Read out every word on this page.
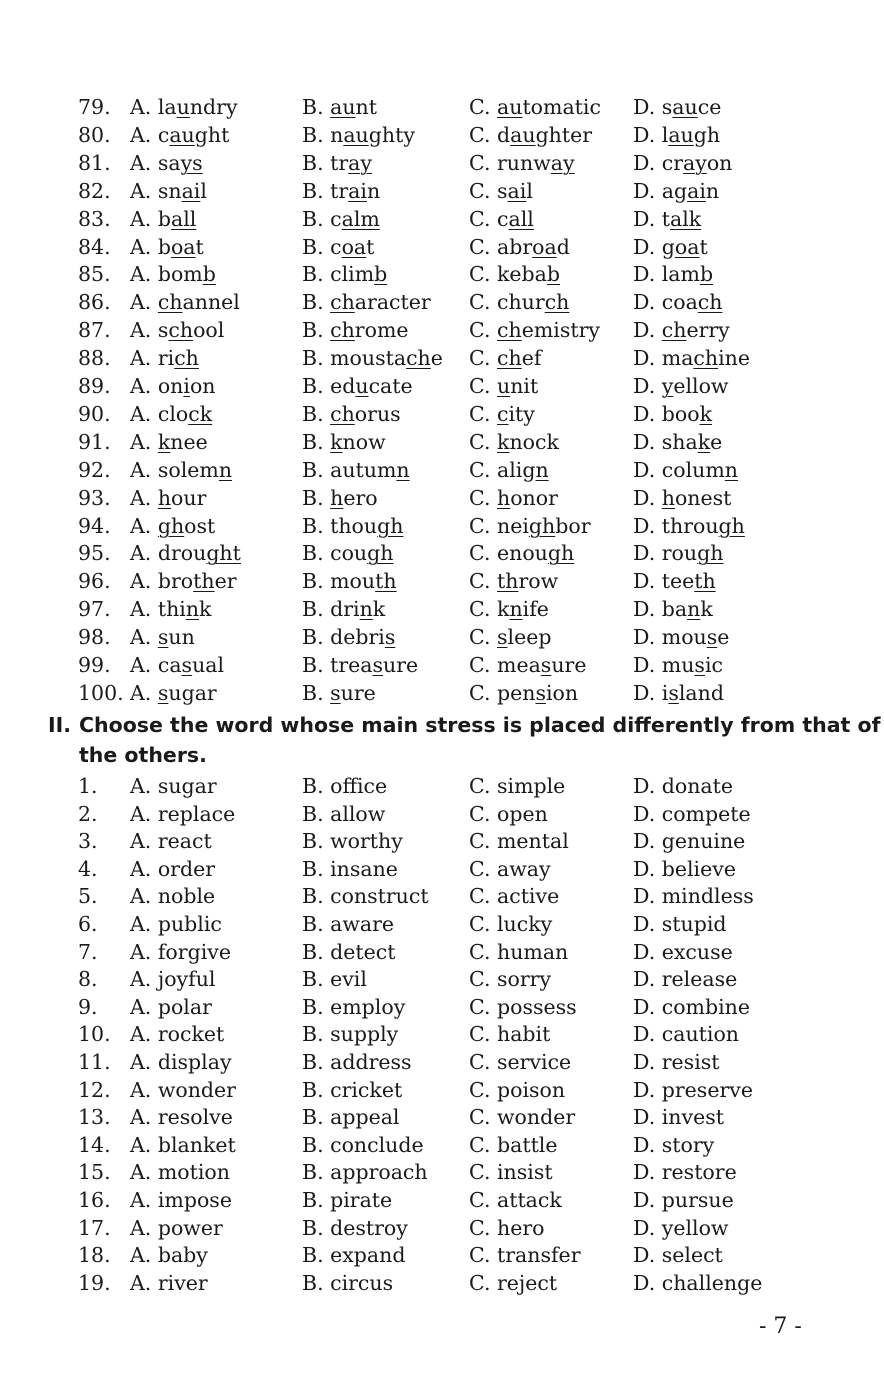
79. A. laundry	B. aunt	C. automatic D. sauce
80. A. caught	B. naughty	C. daughter D. laugh
81. A. says	B. tray	C. runway	D. crayon
82. A. snail	B. train	C. sail	D. again
83. A. ball	B. calm	C. call	D. talk
84. A. boat	B. coat	C. abroad	D. goat
85. A. bomb	B. climb	C. kebab	D. lamb
86. A. channel	B. character C. church	D. coach
87. A. school	B. chrome	C. chemistry D. cherry
88. A. rich	B. moustache C. chef	D. machine
89. A. onion	B. educate	C. unit	D. yellow
90. A. clock	B. chorus	C. city	D. book
91. A. knee	B. know	C. knock	D. shake
92. A. solemn	B. autumn	C. align	D. column
93. A. hour	B. hero	C. honor	D. honest
94. A. ghost	B. though	C. neighbor D. through
95. A. drought	B. cough	C. enough	D. rough
96. A. brother	B. mouth	C. throw	D. teeth
97. A. think	B. drink	C. knife	D. bank
98. A. sun	B. debris	C. sleep	D. mouse
99. A. casual	B. treasure C. measure D. music
100. A. sugar	B. sure	C. pension	D. island
II. Choose the word whose main stress is placed differently from that of
the others.
1. A. sugar	B. office	C. simple	D. donate
2. A. replace	B. allow	C. open	D. compete
3. A. react	B. worthy	C. mental	D. genuine
4. A. order	B. insane	C. away	D. believe
5. A. noble	B. construct C. active	D. mindless
6. A. public	B. aware	C. lucky	D. stupid
7. A. forgive	B. detect	C. human	D. excuse
8. A. joyful	B. evil	C. sorry	D. release
9. A. polar	B. employ	C. possess	D. combine
10. A. rocket	B. supply	C. habit	D. caution
11. A. display	B. address	C. service	D. resist
12. A. wonder	B. cricket	C. poison	D. preserve
13. A. resolve	B. appeal	C. wonder	D. invest
14. A. blanket	B. conclude C. battle	D. story
15. A. motion	B. approach C. insist	D. restore
16. A. impose	B. pirate	C. attack	D. pursue
17. A. power	B. destroy	C. hero	D. yellow
18. A. baby	B. expand	C. transfer	D. select
19. A. river	B. circus	C. reject	D. challenge
- 7 -
